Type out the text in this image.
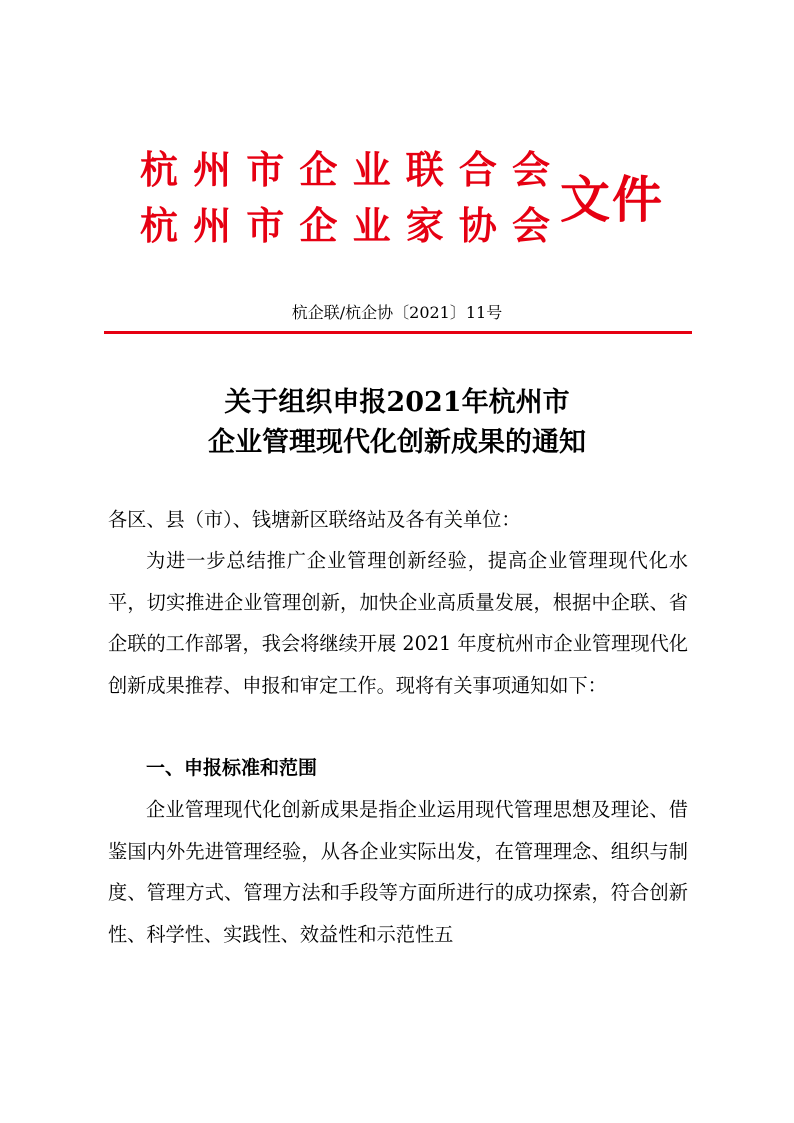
杭 州 市 企 业 联 合 会
杭 州 市 企 业 家 协 会 文件
杭企联/杭企协〔2021〕11号
关于组织申报2021年杭州市
企业管理现代化创新成果的通知
各区、县（市）、钱塘新区联络站及各有关单位：
为进一步总结推广企业管理创新经验，提高企业管理现代化水平，切实推进企业管理创新，加快企业高质量发展，根据中企联、省企联的工作部署，我会将继续开展 2021 年度杭州市企业管理现代化创新成果推荐、申报和审定工作。现将有关事项通知如下：
一、申报标准和范围
企业管理现代化创新成果是指企业运用现代管理思想及理论、借鉴国内外先进管理经验，从各企业实际出发，在管理理念、组织与制度、管理方式、管理方法和手段等方面所进行的成功探索，符合创新性、科学性、实践性、效益性和示范性五
